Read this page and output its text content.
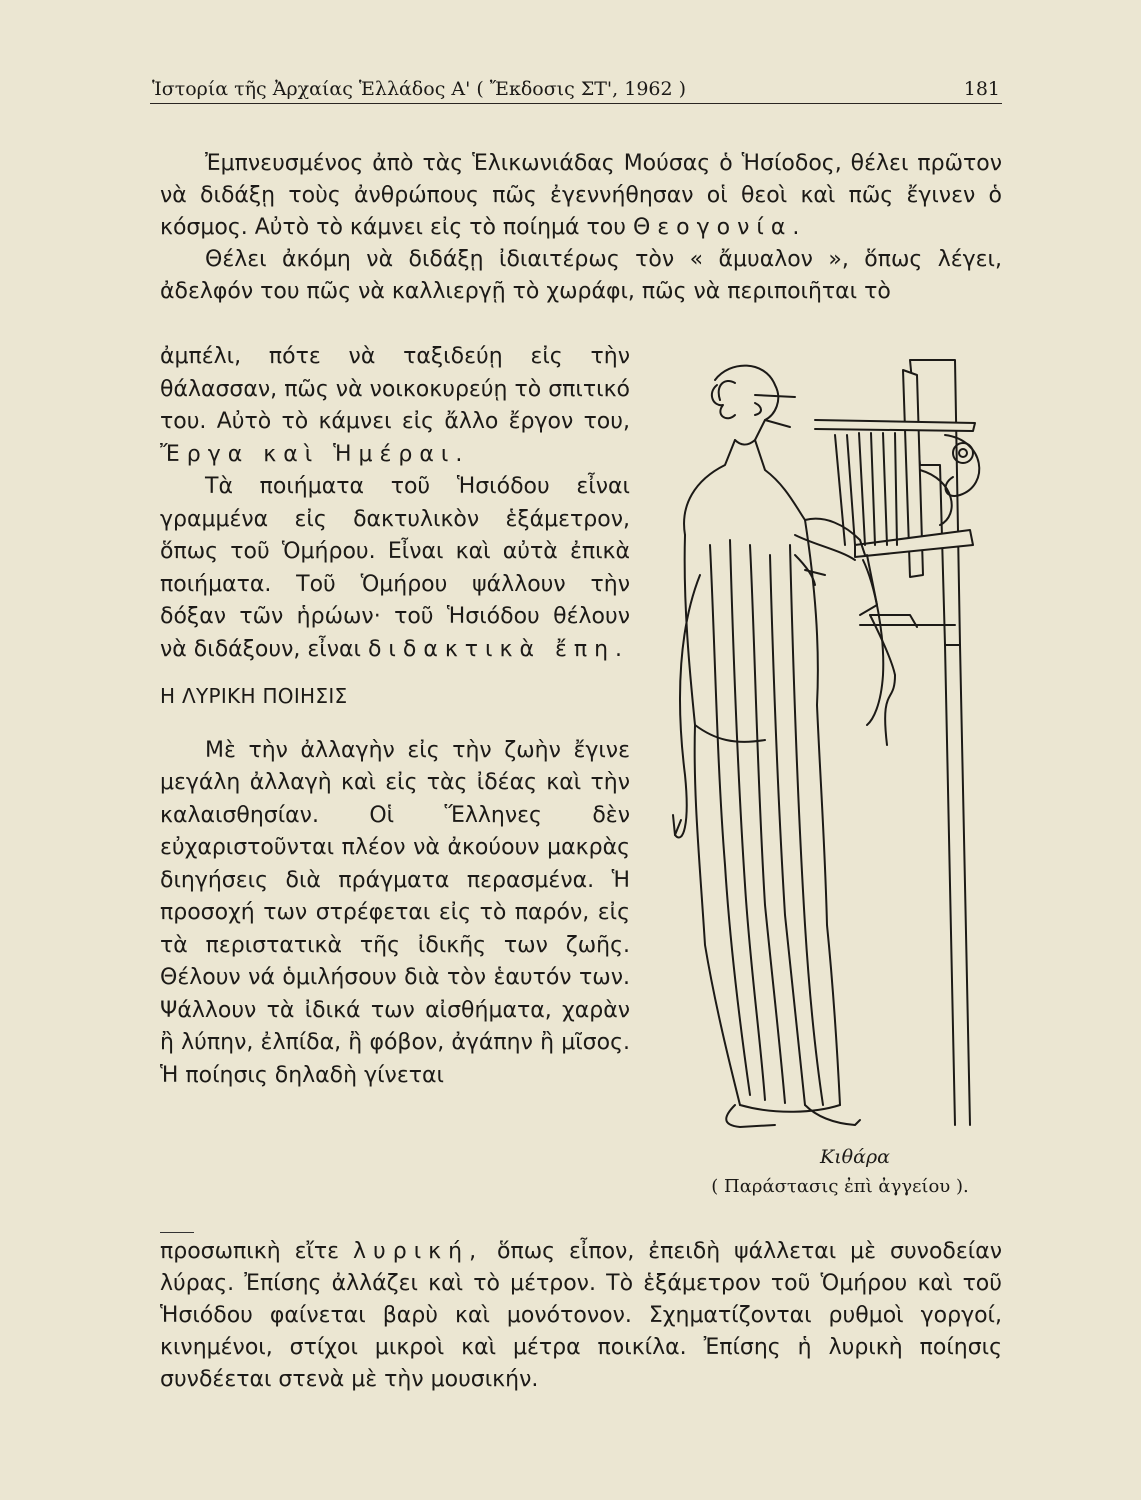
Ἱστορία τῆς Ἀρχαίας Ἑλλάδος Α' ( Ἔκδοσις ΣΤ', 1962 )	181

Ἐμπνευσμένος ἀπὸ τὰς Ἑλικωνιάδας Μούσας ὁ Ἡσίοδος, θέλει πρῶτον νὰ διδάξῃ τοὺς ἀνθρώπους πῶς ἐγεννήθησαν οἱ θεοὶ καὶ πῶς ἔγινεν ὁ κόσμος. Αὐτὸ τὸ κάμνει εἰς τὸ ποίημά του Θεογονία.

Θέλει ἀκόμη νὰ διδάξῃ ἰδιαιτέρως τὸν « ἄμυαλον », ὅπως λέγει, ἀδελφόν του πῶς νὰ καλλιεργῇ τὸ χωράφι, πῶς νὰ περιποιῆται τὸ

ἀμπέλι, πότε νὰ ταξιδεύῃ εἰς τὴν θάλασσαν, πῶς νὰ νοικοκυρεύῃ τὸ σπιτικό του. Αὐτὸ τὸ κάμνει εἰς ἄλλο ἔργον του, Ἔργα καὶ Ἡμέραι.

Τὰ ποιήματα τοῦ Ἡσιόδου εἶναι γραμμένα εἰς δακτυλικὸν ἑξάμετρον, ὅπως τοῦ Ὁμήρου. Εἶναι καὶ αὐτὰ ἐπικὰ ποιήματα. Τοῦ Ὁμήρου ψάλλουν τὴν δόξαν τῶν ἡρώων· τοῦ Ἡσιόδου θέλουν νὰ διδάξουν, εἶναι διδακτικὰ ἔπη.

Η ΛΥΡΙΚΗ ΠΟΙΗΣΙΣ

Μὲ τὴν ἀλλαγὴν εἰς τὴν ζωὴν ἔγινε μεγάλη ἀλλαγὴ καὶ εἰς τὰς ἰδέας καὶ τὴν καλαισθησίαν. Οἱ Ἕλληνες δὲν εὐχαριστοῦνται πλέον νὰ ἀκούουν μακρὰς διηγήσεις διὰ πράγματα περασμένα. Ἡ προσοχή των στρέφεται εἰς τὸ παρόν, εἰς τὰ περιστατικὰ τῆς ἰδικῆς των ζωῆς. Θέλουν νά ὁμιλήσουν διὰ τὸν ἑαυτόν των. Ψάλλουν τὰ ἰδικά των αἰσθήματα, χαρὰν ἢ λύπην, ἐλπίδα, ἢ φόβον, ἀγάπην ἢ μῖσος. Ἡ ποίησις δηλαδὴ γίνεται

προσωπικὴ εἴτε λυρική, ὅπως εἶπον, ἐπειδὴ ψάλλεται μὲ συνοδείαν λύρας. Ἐπίσης ἀλλάζει καὶ τὸ μέτρον. Τὸ ἑξάμετρον τοῦ Ὁμήρου καὶ τοῦ Ἡσιόδου φαίνεται βαρὺ καὶ μονότονον. Σχηματίζονται ρυθμοὶ γοργοί, κινημένοι, στίχοι μικροὶ καὶ μέτρα ποικίλα. Ἐπίσης ἡ λυρικὴ ποίησις συνδέεται στενὰ μὲ τὴν μουσικήν.

Κιθάρα
( Παράστασις ἐπὶ ἀγγείου ).
